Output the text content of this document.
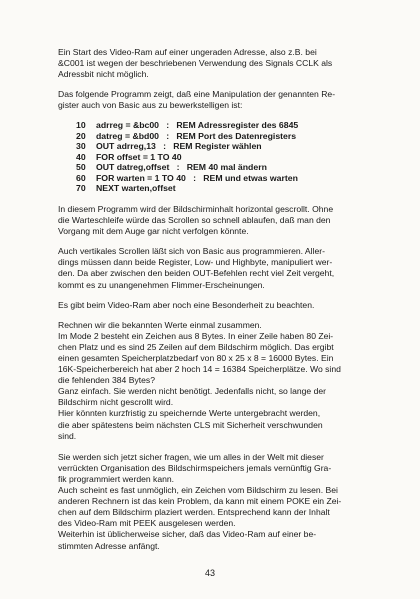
Ein Start des Video-Ram auf einer ungeraden Adresse, also z.B. bei
&C001 ist wegen der beschriebenen Verwendung des Signals CCLK als
Adressbit nicht möglich.
Das folgende Programm zeigt, daß eine Manipulation der genannten Re-
gister auch von Basic aus zu bewerkstelligen ist:
10	adrreg = &bc00   :   REM Adressregister des 6845
20	datreg = &bd00   :   REM Port des Datenregisters
30	OUT adrreg,13   :   REM Register wählen
40	FOR offset = 1 TO 40
50	OUT datreg,offset   :   REM 40 mal ändern
60	FOR warten = 1 TO 40   :   REM und etwas warten
70	NEXT warten,offset
In diesem Programm wird der Bildschirminhalt horizontal gescrollt. Ohne
die Warteschleife würde das Scrollen so schnell ablaufen, daß man den
Vorgang mit dem Auge gar nicht verfolgen könnte.
Auch vertikales Scrollen läßt sich von Basic aus programmieren. Aller-
dings müssen dann beide Register, Low- und Highbyte, manipuliert wer-
den. Da aber zwischen den beiden OUT-Befehlen recht viel Zeit vergeht,
kommt es zu unangenehmen Flimmer-Erscheinungen.
Es gibt beim Video-Ram aber noch eine Besonderheit zu beachten.
Rechnen wir die bekannten Werte einmal zusammen.
Im Mode 2 besteht ein Zeichen aus 8 Bytes. In einer Zeile haben 80 Zei-
chen Platz und es sind 25 Zeilen auf dem Bildschirm möglich. Das ergibt
einen gesamten Speicherplatzbedarf von 80 x 25 x 8 = 16000 Bytes. Ein
16K-Speicherbereich hat aber 2 hoch 14 = 16384 Speicherplätze. Wo sind
die fehlenden 384 Bytes?
Ganz einfach. Sie werden nicht benötigt. Jedenfalls nicht, so lange der
Bildschirm nicht gescrollt wird.
Hier könnten kurzfristig zu speichernde Werte untergebracht werden,
die aber spätestens beim nächsten CLS mit Sicherheit verschwunden
sind.
Sie werden sich jetzt sicher fragen, wie um alles in der Welt mit dieser
verrückten Organisation des Bildschirmspeichers jemals vernünftig Gra-
fik programmiert werden kann.
Auch scheint es fast unmöglich, ein Zeichen vom Bildschirm zu lesen. Bei
anderen Rechnern ist das kein Problem, da kann mit einem POKE ein Zei-
chen auf dem Bildschirm plaziert werden. Entsprechend kann der Inhalt
des Video-Ram mit PEEK ausgelesen werden.
Weiterhin ist üblicherweise sicher, daß das Video-Ram auf einer be-
stimmten Adresse anfängt.
43
